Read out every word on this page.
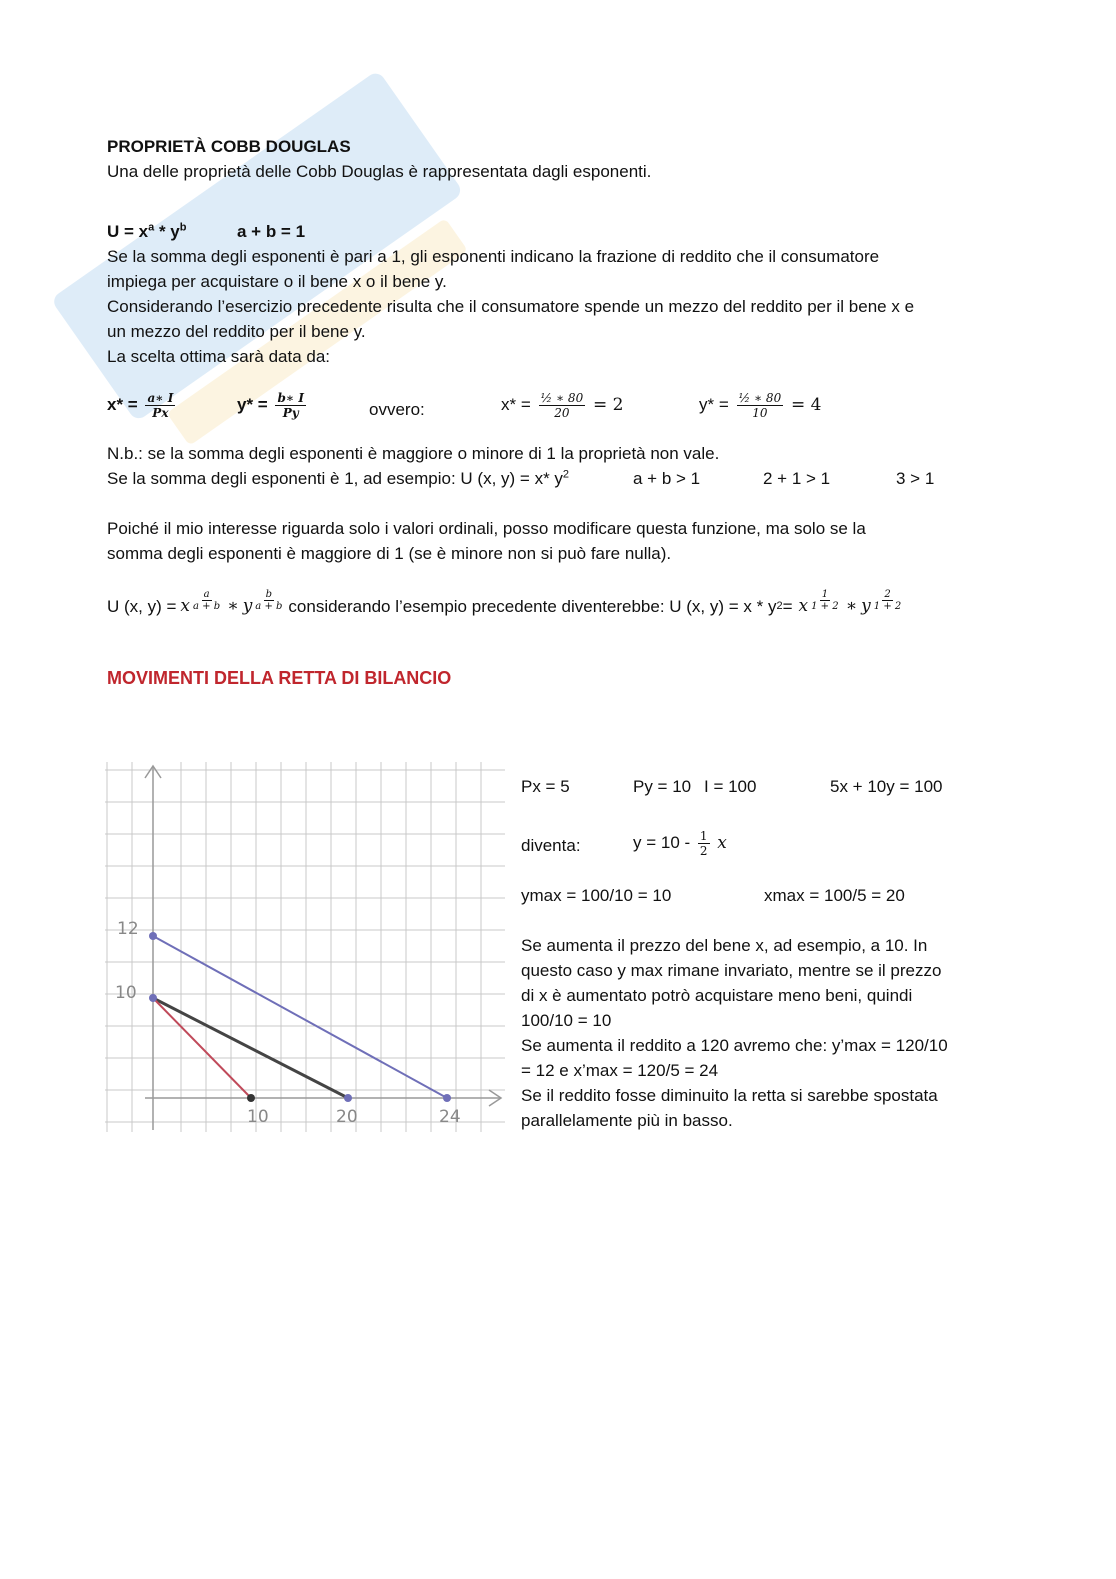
PROPRIETÀ COBB DOUGLAS
Una delle proprietà delle Cobb Douglas è rappresentata dagli esponenti.
$U = x^a * y^b$	a + b = 1
Se la somma degli esponenti è pari a 1, gli esponenti indicano la frazione di reddito che il consumatore
impiega per acquistare o il bene x o il bene y.
Considerando l’esercizio precedente risulta che il consumatore spende un mezzo del reddito per il bene x e
un mezzo del reddito per il bene y.
La scelta ottima sarà data da:
$x* = \frac{a∗ I}{Px}$	$y* = \frac{b∗ I}{Py}$	ovvero:	$x* = \frac{\text{½ ∗ 80}}{20} = 2$	$y* = \frac{\text{½ ∗ 80}}{10} = 4$
N.b.: se la somma degli esponenti è maggiore o minore di 1 la proprietà non vale.
Se la somma degli esponenti è 1, ad esempio: U (x, y) = x* $y^2$	a + b > 1	2 + 1 > 1	3 > 1
Poiché il mio interesse riguarda solo i valori ordinali, posso modificare questa funzione, ma solo se la
somma degli esponenti è maggiore di 1 (se è minore non si può fare nulla).
U (x, y) = x $\frac{a}{a + b}$ ∗ y $\frac{b}{a + b}$ considerando l’esempio precedente diventerebbe: U (x, y) = x * y 2 = x $\frac{1}{1 + 2}$ ∗ y $\frac{2}{1 + 2}$
MOVIMENTI DELLA RETTA DI BILANCIO
12
10
10	20	24
Px = 5	Py = 10 I = 100	5x + 10y = 100
diventa:	$y = 10 - \frac{1}{2}$ x
ymax = 100/10 = 10	xmax = 100/5 = 20
Se aumenta il prezzo del bene x, ad esempio, a 10. In
questo caso y max rimane invariato, mentre se il prezzo
di x è aumentato potrò acquistare meno beni, quindi
100/10 = 10
Se aumenta il reddito a 120 avremo che: y’max = 120/10
= 12 e x’max = 120/5 = 24
Se il reddito fosse diminuito la retta si sarebbe spostata
parallelamente più in basso.
